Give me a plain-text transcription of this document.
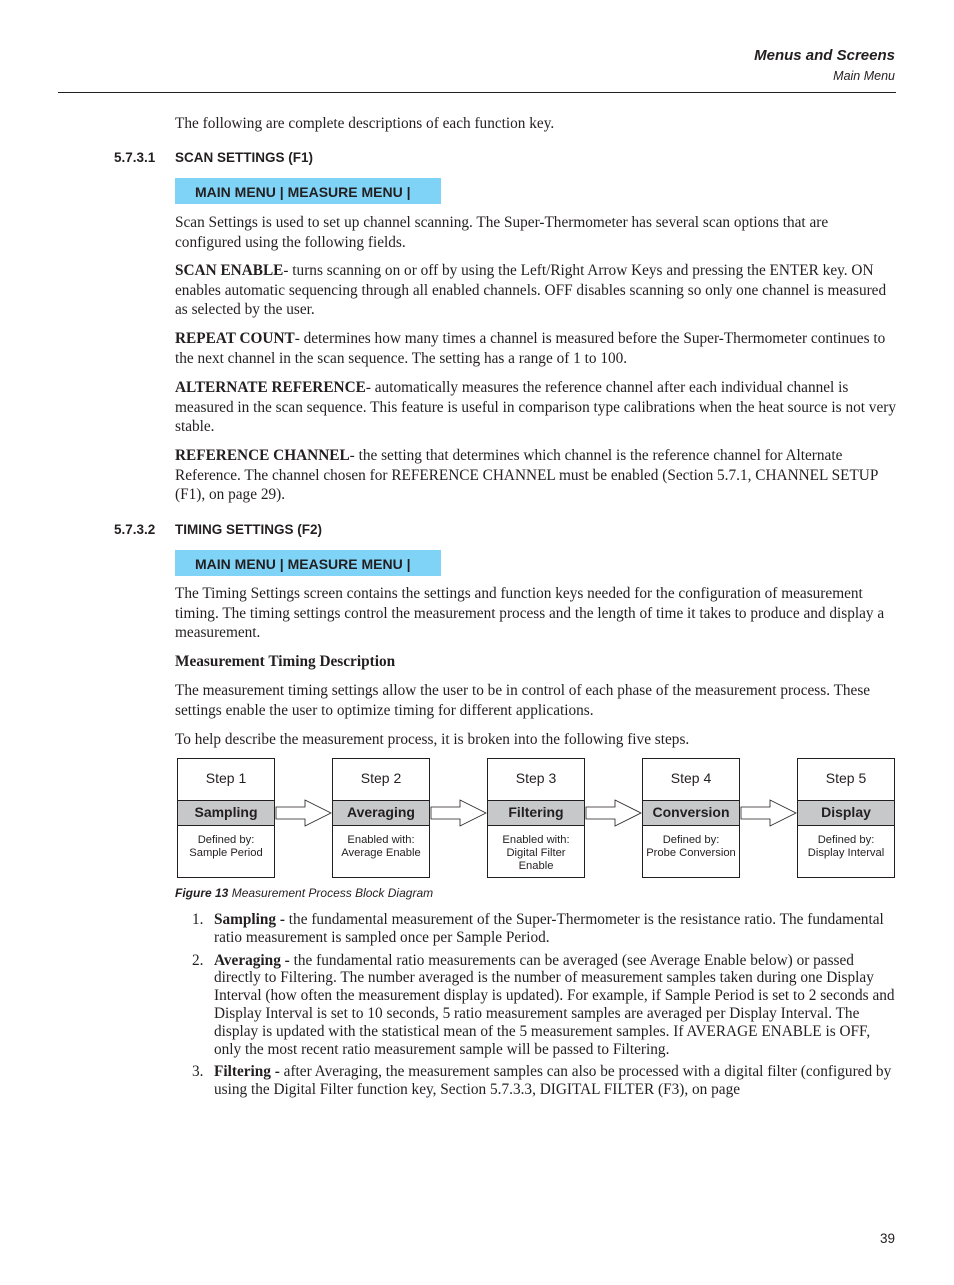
Menus and Screens
Main Menu

The following are complete descriptions of each function key.

5.7.3.1 SCAN SETTINGS (F1)
MAIN MENU | MEASURE MENU |

Scan Settings is used to set up channel scanning. The Super-Thermometer has several scan options that are configured using the following fields.

SCAN ENABLE- turns scanning on or off by using the Left/Right Arrow Keys and pressing the ENTER key. ON enables automatic sequencing through all enabled channels. OFF disables scanning so only one channel is measured as selected by the user.

REPEAT COUNT- determines how many times a channel is measured before the Super-Thermometer continues to the next channel in the scan sequence. The setting has a range of 1 to 100.

ALTERNATE REFERENCE- automatically measures the reference channel after each individual channel is measured in the scan sequence. This feature is useful in comparison type calibrations when the heat source is not very stable.

REFERENCE CHANNEL- the setting that determines which channel is the reference channel for Alternate Reference. The channel chosen for REFERENCE CHANNEL must be enabled (Section 5.7.1, CHANNEL SETUP (F1), on page 29).

5.7.3.2 TIMING SETTINGS (F2)
MAIN MENU | MEASURE MENU |

The Timing Settings screen contains the settings and function keys needed for the configuration of measurement timing. The timing settings control the measurement process and the length of time it takes to produce and display a measurement.

Measurement Timing Description

The measurement timing settings allow the user to be in control of each phase of the measurement process. These settings enable the user to optimize timing for different applications.

To help describe the measurement process, it is broken into the following five steps.

Step 1
Sampling
Defined by:
Sample Period
Step 2
Averaging
Enabled with:
Average Enable
Step 3
Filtering
Enabled with:
Digital Filter
Enable
Step 4
Conversion
Defined by:
Probe Conversion
Step 5
Display
Defined by:
Display Interval
Figure 13 Measurement Process Block Diagram
1. Sampling - the fundamental measurement of the Super-Thermometer is the resistance ratio. The fundamental ratio measurement is sampled once per Sample Period.
2. Averaging - the fundamental ratio measurements can be averaged (see Average Enable below) or passed directly to Filtering. The number averaged is the number of measurement samples taken during one Display Interval (how often the measurement display is updated). For example, if Sample Period is set to 2 seconds and Display Interval is set to 10 seconds, 5 ratio measurement samples are averaged per Display Interval. The display is updated with the statistical mean of the 5 measurement samples. If AVERAGE ENABLE is OFF, only the most recent ratio measurement sample will be passed to Filtering.
3. Filtering - after Averaging, the measurement samples can also be processed with a digital filter (configured by using the Digital Filter function key, Section 5.7.3.3, DIGITAL FILTER (F3), on page
39
